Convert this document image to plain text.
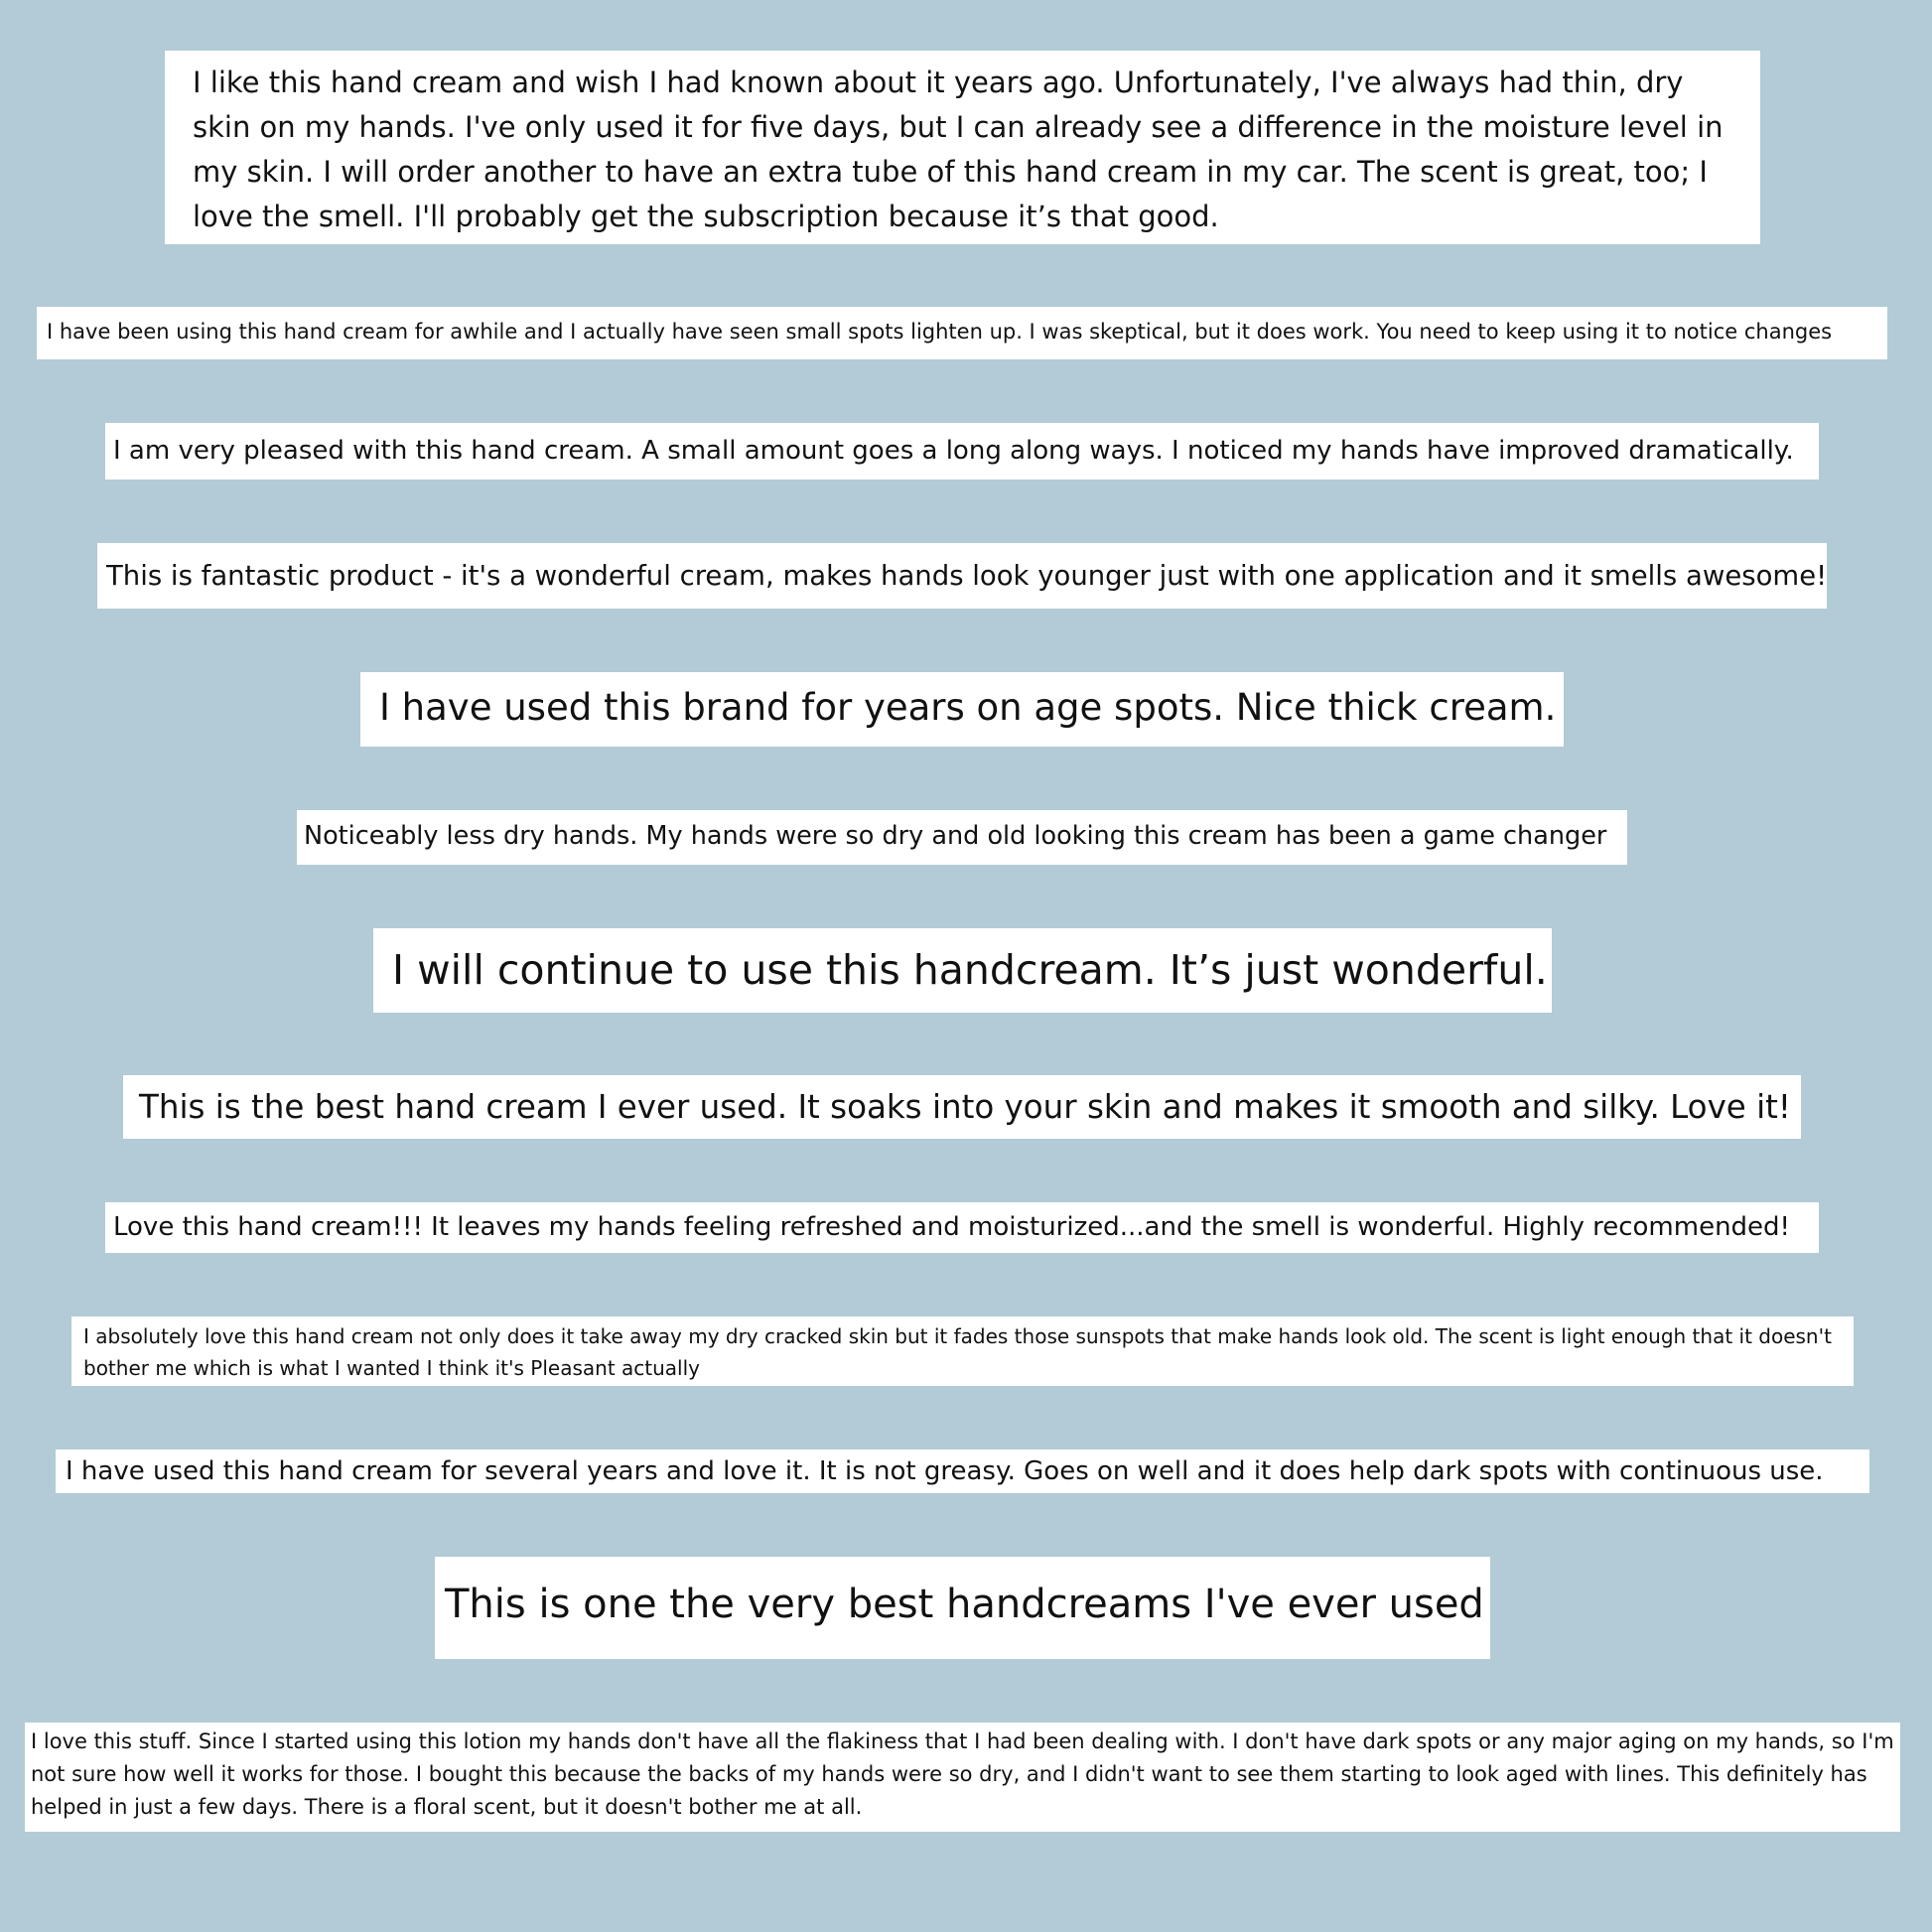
I like this hand cream and wish I had known about it years ago. Unfortunately, I've always had thin, dry skin on my hands. I've only used it for five days, but I can already see a difference in the moisture level in my skin. I will order another to have an extra tube of this hand cream in my car. The scent is great, too; I love the smell. I'll probably get the subscription because it’s that good.

I have been using this hand cream for awhile and I actually have seen small spots lighten up. I was skeptical, but it does work. You need to keep using it to notice changes

I am very pleased with this hand cream. A small amount goes a long along ways. I noticed my hands have improved dramatically.

This is fantastic product - it's a wonderful cream, makes hands look younger just with one application and it smells awesome!

I have used this brand for years on age spots. Nice thick cream.

Noticeably less dry hands. My hands were so dry and old looking this cream has been a game changer

I will continue to use this handcream. It’s just wonderful.

This is the best hand cream I ever used. It soaks into your skin and makes it smooth and silky. Love it!

Love this hand cream!!! It leaves my hands feeling refreshed and moisturized...and the smell is wonderful. Highly recommended!

I absolutely love this hand cream not only does it take away my dry cracked skin but it fades those sunspots that make hands look old. The scent is light enough that it doesn't bother me which is what I wanted I think it's Pleasant actually

I have used this hand cream for several years and love it. It is not greasy. Goes on well and it does help dark spots with continuous use.

This is one the very best handcreams I've ever used

I love this stuff. Since I started using this lotion my hands don't have all the flakiness that I had been dealing with. I don't have dark spots or any major aging on my hands, so I'm not sure how well it works for those. I bought this because the backs of my hands were so dry, and I didn't want to see them starting to look aged with lines. This definitely has helped in just a few days. There is a floral scent, but it doesn't bother me at all.
